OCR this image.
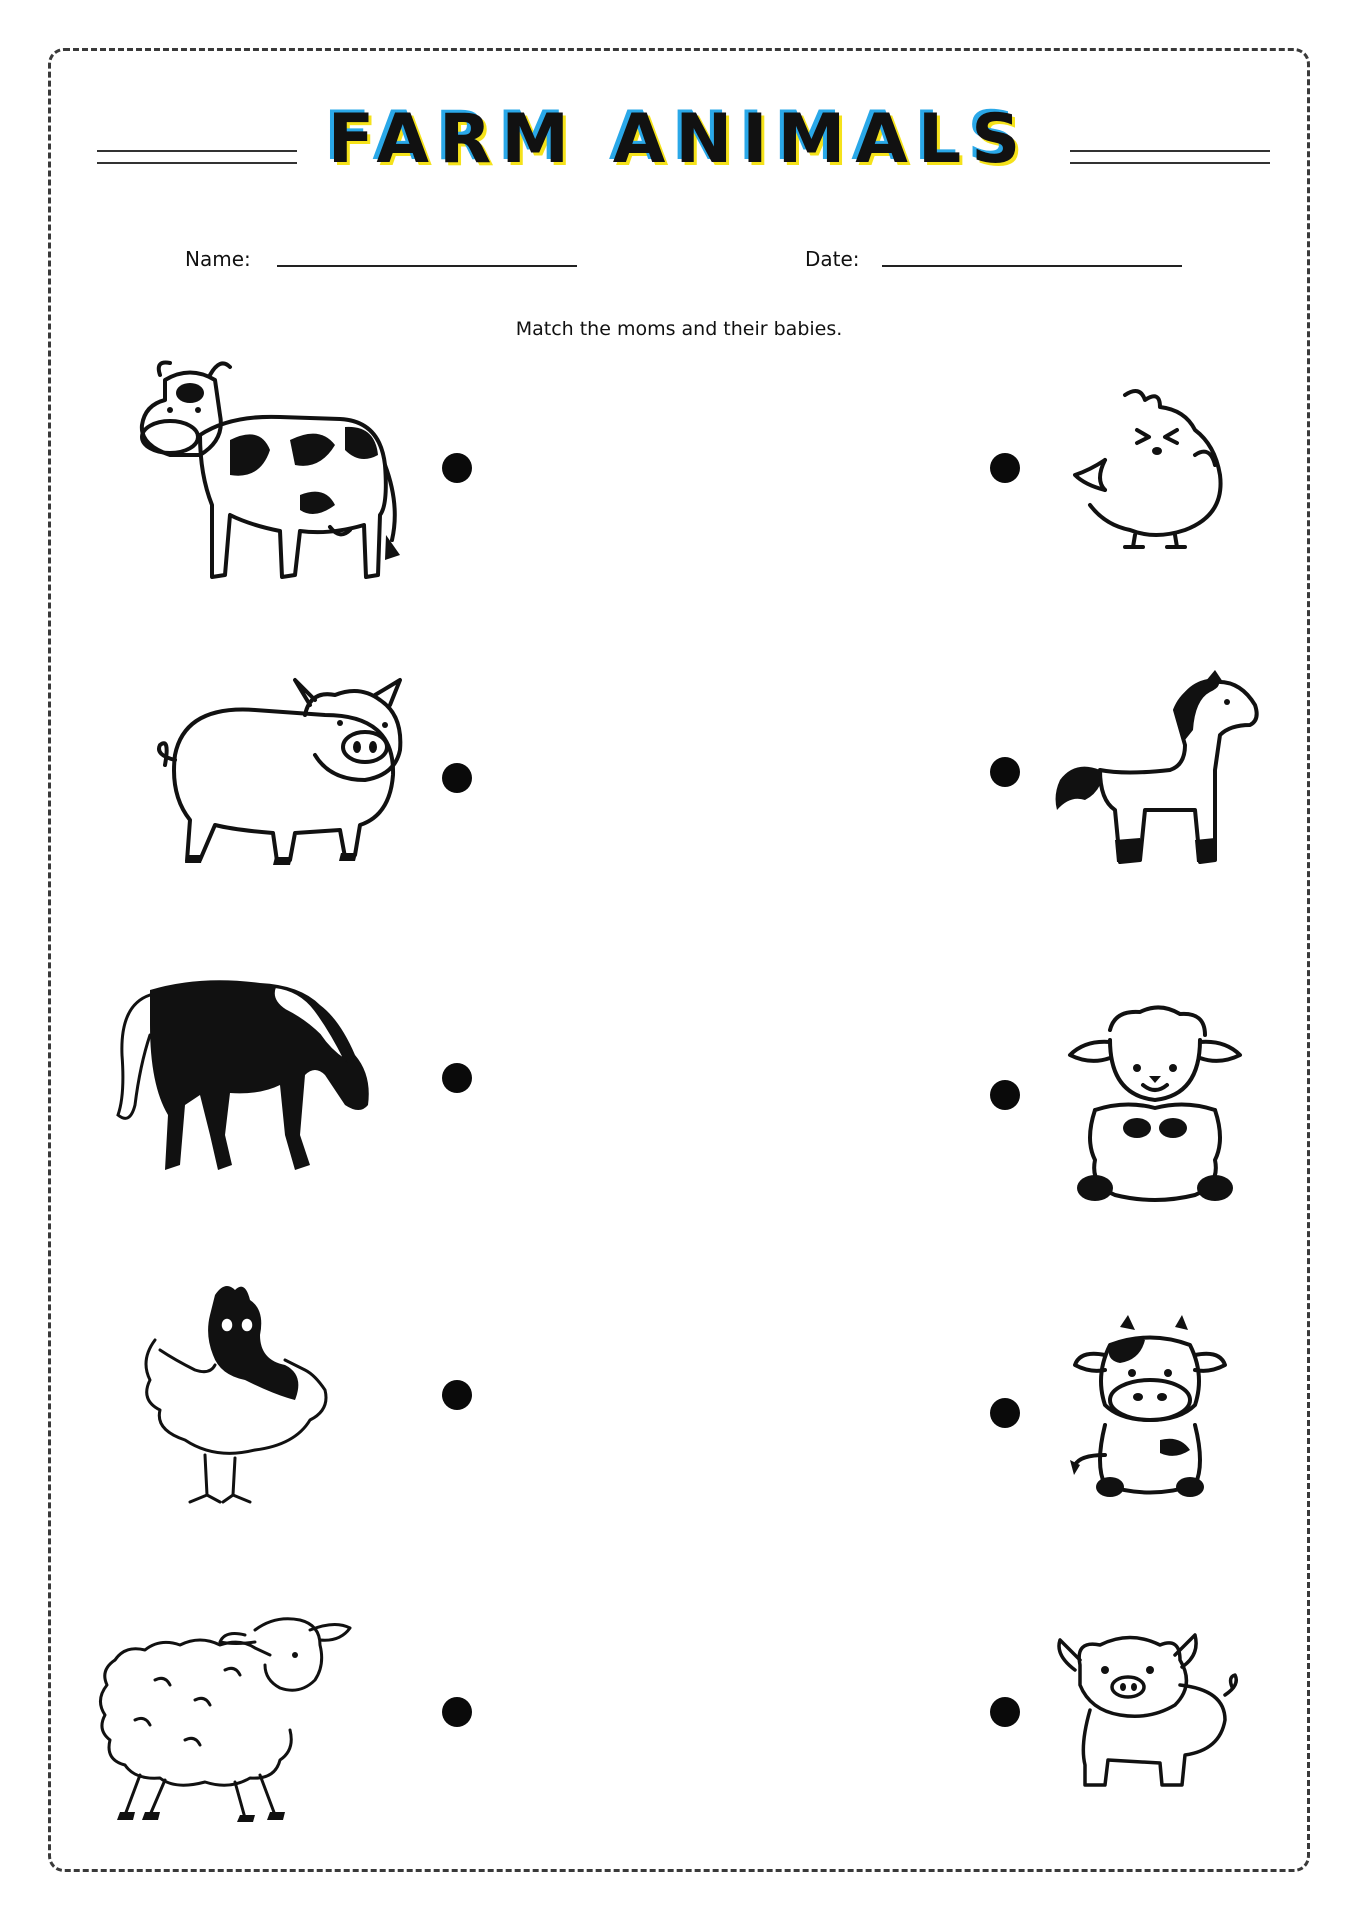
FARM ANIMALS
Name:	Date:
Match the moms and their babies.
